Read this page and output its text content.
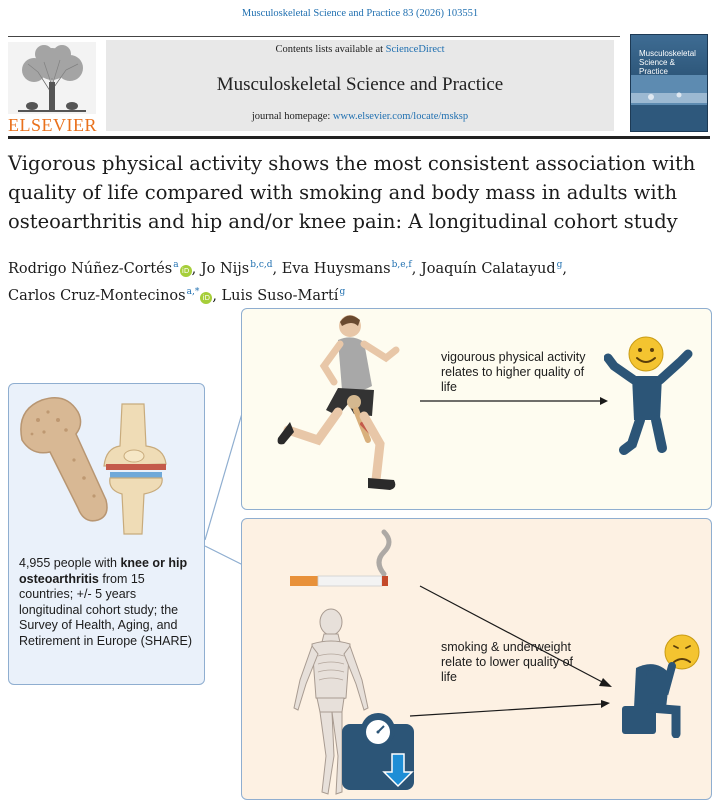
Musculoskeletal Science and Practice 83 (2026) 103551
ELSEVIER
Contents lists available at ScienceDirect
Musculoskeletal Science and Practice
journal homepage: www.elsevier.com/locate/msksp
Musculoskeletal Science & Practice
Vigorous physical activity shows the most consistent association with quality of life compared with smoking and body mass in adults with osteoarthritis and hip and/or knee pain: A longitudinal cohort study
Rodrigo Núñez-Cortés$^a$iD , Jo Nijs$^{b,c,d}$, Eva Huysmans$^{b,e,f}$, Joaquín Calatayud$^g$,
Carlos Cruz-Montecinos$^{a,*}$iD , Luis Suso-Martí$^g$
vigourous physical activity relates to higher quality of life
smoking & underweight relate to lower quality of life
4,955 people with knee or hip osteoarthritis from 15 countries; +/- 5 years longitudinal cohort study; the Survey of Health, Aging, and Retirement in Europe (SHARE)
